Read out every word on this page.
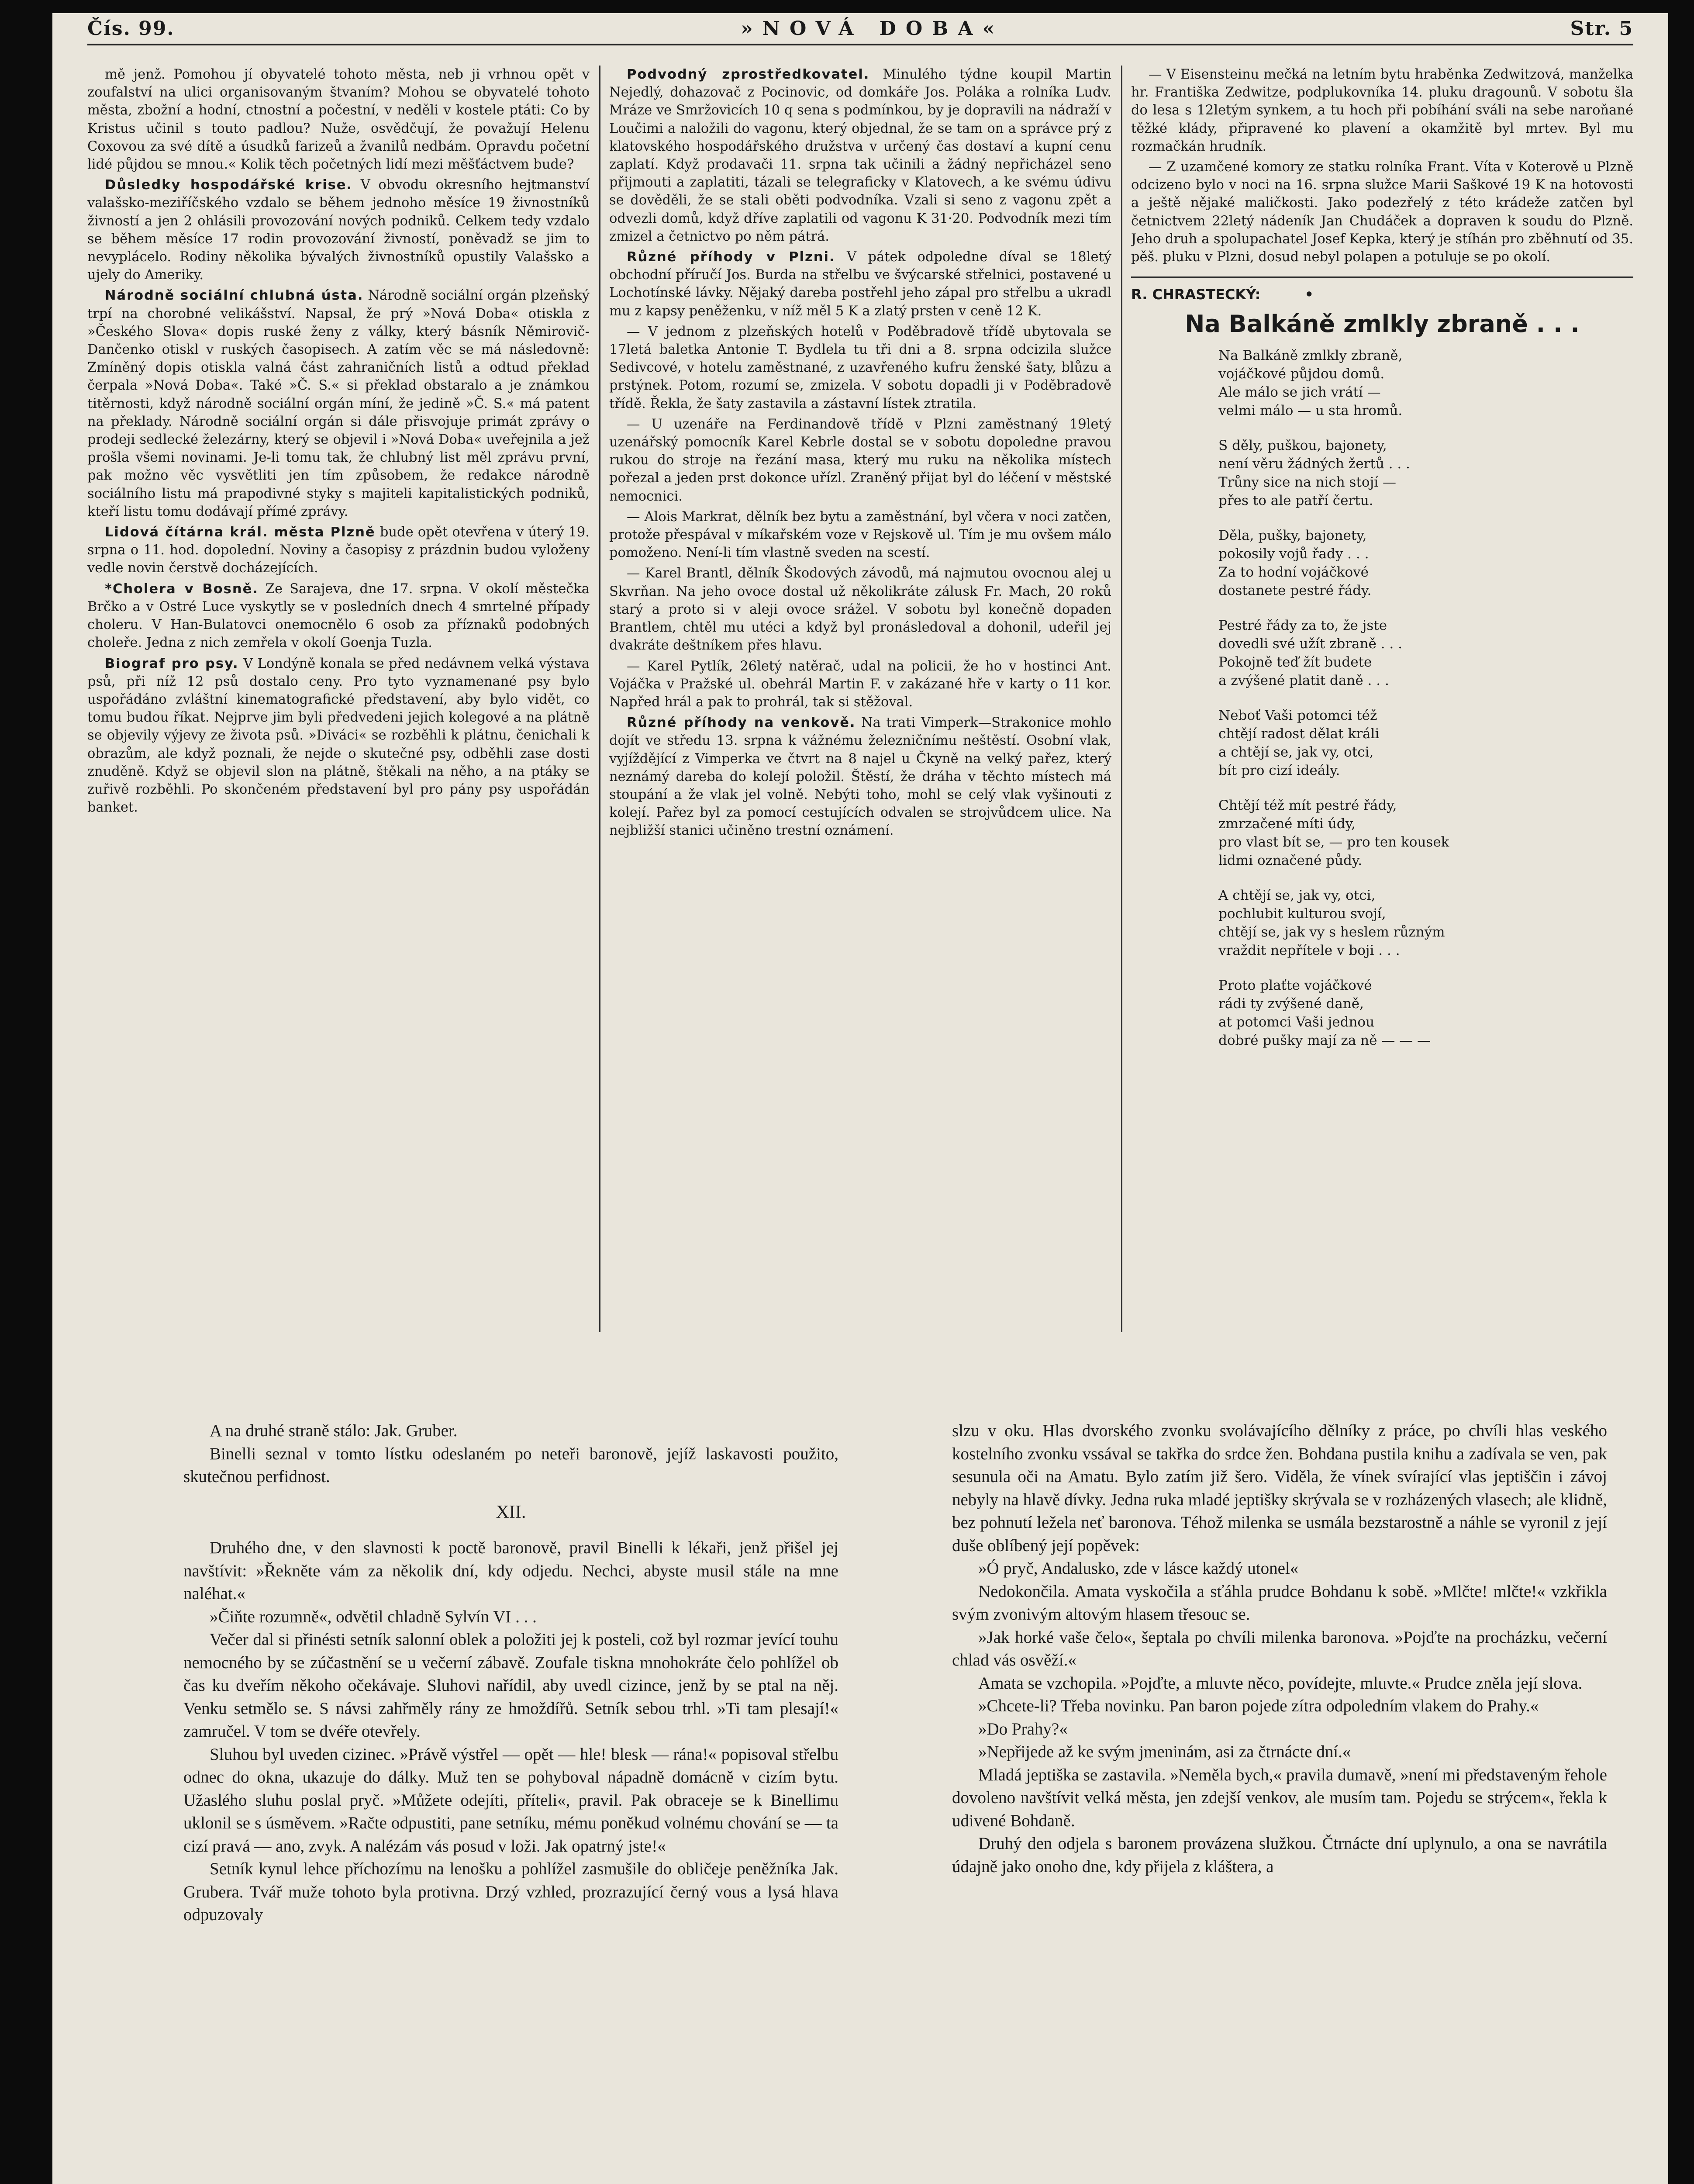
Čís. 99.	»NOVÁ DOBA«	Str. 5

mě jenž. Pomohou jí obyvatelé tohoto města, neb ji vrhnou opět v zoufalství na ulici organisovaným štvaním? Mohou se obyvatelé tohoto města, zbožní a hodní, ctnostní a počestní, v neděli v kostele ptáti: Co by Kristus učinil s touto padlou? Nuže, osvědčují, že považují Helenu Coxovou za své dítě a úsudků farizeů a žvanilů nedbám. Opravdu početní lidé půjdou se mnou.« Kolik těch početných lidí mezi měšťáctvem bude?

Důsledky hospodářské krise. V obvodu okresního hejtmanství valašsko-meziříčského vzdalo se během jednoho měsíce 19 živnostníků živností a jen 2 ohlásili provozování nových podniků. Celkem tedy vzdalo se během měsíce 17 rodin provozování živností, poněvadž se jim to nevyplácelo. Rodiny několika bývalých živnostníků opustily Valašsko a ujely do Ameriky.

Národně sociální chlubná ústa. Národně sociální orgán plzeňský trpí na chorobné velikášství. Napsal, že prý »Nová Doba« otiskla z »Českého Slova« dopis ruské ženy z války, který básník Němirovič-Dančenko otiskl v ruských časopisech. A zatím věc se má následovně: Zmíněný dopis otiskla valná část zahraničních listů a odtud překlad čerpala »Nová Doba«. Také »Č. S.« si překlad obstaralo a je známkou titěrnosti, když národně sociální orgán míní, že jedině »Č. S.« má patent na překlady. Národně sociální orgán si dále přisvojuje primát zprávy o prodeji sedlecké železárny, který se objevil i »Nová Doba« uveřejnila a jež prošla všemi novinami. Je-li tomu tak, že chlubný list měl zprávu první, pak možno věc vysvětliti jen tím způsobem, že redakce národně sociálního listu má prapodivné styky s majiteli kapitalistických podniků, kteří listu tomu dodávají přímé zprávy.

Lidová čítárna král. města Plzně bude opět otevřena v úterý 19. srpna o 11. hod. dopolední. Noviny a časopisy z prázdnin budou vyloženy vedle novin čerstvě docházejících.

*Cholera v Bosně. Ze Sarajeva, dne 17. srpna. V okolí městečka Brčko a v Ostré Luce vyskytly se v posledních dnech 4 smrtelné případy choleru. V Han-Bulatovci onemocnělo 6 osob za příznaků podobných choleře. Jedna z nich zemřela v okolí Goenja Tuzla.

Biograf pro psy. V Londýně konala se před nedávnem velká výstava psů, při níž 12 psů dostalo ceny. Pro tyto vyznamenané psy bylo uspořádáno zvláštní kinematografické představení, aby bylo vidět, co tomu budou říkat. Nejprve jim byli předvedeni jejich kolegové a na plátně se objevily výjevy ze života psů. »Diváci« se rozběhli k plátnu, čenichali k obrazům, ale když poznali, že nejde o skutečné psy, odběhli zase dosti znuděně. Když se objevil slon na plátně, štěkali na něho, a na ptáky se zuřivě rozběhli. Po skončeném představení byl pro pány psy uspořádán banket.

Podvodný zprostředkovatel. Minulého týdne koupil Martin Nejedlý, dohazovač z Pocinovic, od domkáře Jos. Poláka a rolníka Ludv. Mráze ve Smržovicích 10 q sena s podmínkou, by je dopravili na nádraží v Loučimi a naložili do vagonu, který objednal, že se tam on a správce prý z klatovského hospodářského družstva v určený čas dostaví a kupní cenu zaplatí. Když prodavači 11. srpna tak učinili a žádný nepřicházel seno přijmouti a zaplatiti, tázali se telegraficky v Klatovech, a ke svému údivu se dověděli, že se stali oběti podvodníka. Vzali si seno z vagonu zpět a odvezli domů, když dříve zaplatili od vagonu K 31·20. Podvodník mezi tím zmizel a četnictvo po něm pátrá.

Různé příhody v Plzni. V pátek odpoledne díval se 18letý obchodní příručí Jos. Burda na střelbu ve švýcarské střelnici, postavené u Lochotínské lávky. Nějaký dareba postřehl jeho zápal pro střelbu a ukradl mu z kapsy peněženku, v níž měl 5 K a zlatý prsten v ceně 12 K.

— V jednom z plzeňských hotelů v Poděbradově třídě ubytovala se 17letá baletka Antonie T. Bydlela tu tři dni a 8. srpna odcizila služce Sedivcové, v hotelu zaměstnané, z uzavřeného kufru ženské šaty, blůzu a prstýnek. Potom, rozumí se, zmizela. V sobotu dopadli ji v Poděbradově třídě. Řekla, že šaty zastavila a zástavní lístek ztratila.

— U uzenáře na Ferdinandově třídě v Plzni zaměstnaný 19letý uzenářský pomocník Karel Kebrle dostal se v sobotu dopoledne pravou rukou do stroje na řezání masa, který mu ruku na několika místech pořezal a jeden prst dokonce uřízl. Zraněný přijat byl do léčení v městské nemocnici.

— Alois Markrat, dělník bez bytu a zaměstnání, byl včera v noci zatčen, protože přespával v míkařském voze v Rejskově ul. Tím je mu ovšem málo pomoženo. Není-li tím vlastně sveden na scestí.

— Karel Brantl, dělník Škodových závodů, má najmutou ovocnou alej u Skvrňan. Na jeho ovoce dostal už několikráte zálusk Fr. Mach, 20 roků starý a proto si v aleji ovoce srážel. V sobotu byl konečně dopaden Brantlem, chtěl mu utéci a když byl pronásledoval a dohonil, udeřil jej dvakráte deštníkem přes hlavu.

— Karel Pytlík, 26letý natěrač, udal na policii, že ho v hostinci Ant. Vojáčka v Pražské ul. obehrál Martin F. v zakázané hře v karty o 11 kor. Napřed hrál a pak to prohrál, tak si stěžoval.

Různé příhody na venkově. Na trati Vimperk—Strakonice mohlo dojít ve středu 13. srpna k vážnému železničnímu neštěstí. Osobní vlak, vyjíždějící z Vimperka ve čtvrt na 8 najel u Čkyně na velký pařez, který neznámý dareba do kolejí položil. Štěstí, že dráha v těchto místech má stoupání a že vlak jel volně. Nebýti toho, mohl se celý vlak vyšinouti z kolejí. Pařez byl za pomocí cestujících odvalen se strojvůdcem ulice. Na nejbližší stanici učiněno trestní oznámení.

— V Eisensteinu mečká na letním bytu hraběnka Zedwitzová, manželka hr. Františka Zedwitze, podplukovníka 14. pluku dragounů. V sobotu šla do lesa s 12letým synkem, a tu hoch při pobíhání sváli na sebe naroňané těžké klády, připravené ko plavení a okamžitě byl mrtev. Byl mu rozmačkán hrudník.

— Z uzamčené komory ze statku rolníka Frant. Víta v Koterově u Plzně odcizeno bylo v noci na 16. srpna služce Marii Saškové 19 K na hotovosti a ještě nějaké maličkosti. Jako podezřelý z této krádeže zatčen byl četnictvem 22letý nádeník Jan Chudáček a dopraven k soudu do Plzně. Jeho druh a spolupachatel Josef Kepka, který je stíhán pro zběhnutí od 35. pěš. pluku v Plzni, dosud nebyl polapen a potuluje se po okolí.

R. CHRASTECKÝ:	•
Na Balkáně zmlkly zbraně . . .
Na Balkáně zmlkly zbraně,
vojáčkové půjdou domů.
Ale málo se jich vrátí —
velmi málo — u sta hromů.
S děly, puškou, bajonety,
není věru žádných žertů . . .
Trůny sice na nich stojí —
přes to ale patří čertu.
Děla, pušky, bajonety,
pokosily vojů řady . . .
Za to hodní vojáčkové
dostanete pestré řády.
Pestré řády za to, že jste
dovedli své užít zbraně . . .
Pokojně teď žít budete
a zvýšené platit daně . . .
Neboť Vaši potomci též
chtějí radost dělat králi
a chtějí se, jak vy, otci,
bít pro cizí ideály.
Chtějí též mít pestré řády,
zmrzačené míti údy,
pro vlast bít se, — pro ten kousek
lidmi označené půdy.
A chtějí se, jak vy, otci,
pochlubit kulturou svojí,
chtějí se, jak vy s heslem různým
vraždit nepřítele v boji . . .
Proto plaťte vojáčkové
rádi ty zvýšené daně,
at potomci Vaši jednou
dobré pušky mají za ně — — —

A na druhé straně stálo: Jak. Gruber.

Binelli seznal v tomto lístku odeslaném po neteři baronově, jejíž laskavosti použito, skutečnou perfidnost.

XII.

Druhého dne, v den slavnosti k poctě baronově, pravil Binelli k lékaři, jenž přišel jej navštívit: »Řekněte vám za několik dní, kdy odjedu. Nechci, abyste musil stále na mne naléhat.«

»Čiňte rozumně«, odvětil chladně Sylvín VI . . .

Večer dal si přinésti setník salonní oblek a položiti jej k posteli, což byl rozmar jevící touhu nemocného by se zúčastnění se u večerní zábavě. Zoufale tiskna mnohokráte čelo pohlížel ob čas ku dveřím někoho očekávaje. Sluhovi nařídil, aby uvedl cizince, jenž by se ptal na něj. Venku setmělo se. S návsi zahřměly rány ze hmoždířů. Setník sebou trhl. »Ti tam plesají!« zamručel. V tom se dvéře otevřely.

Sluhou byl uveden cizinec. »Právě výstřel — opět — hle! blesk — rána!« popisoval střelbu odnec do okna, ukazuje do dálky. Muž ten se pohyboval nápadně domácně v cizím bytu. Užaslého sluhu poslal pryč. »Můžete odejíti, příteli«, pravil. Pak obraceje se k Binellimu uklonil se s úsměvem. »Račte odpustiti, pane setníku, mému poněkud volnému chování se — ta cizí pravá — ano, zvyk. A nalézám vás posud v loži. Jak opatrný jste!«

Setník kynul lehce příchozímu na lenošku a pohlížel zasmušile do obličeje peněžníka Jak. Grubera. Tvář muže tohoto byla protivna. Drzý vzhled, prozrazující černý vous a lysá hlava odpuzovaly

slzu v oku. Hlas dvorského zvonku svolávajícího dělníky z práce, po chvíli hlas veského kostelního zvonku vssával se takřka do srdce žen. Bohdana pustila knihu a zadívala se ven, pak sesunula oči na Amatu. Bylo zatím již šero. Viděla, že vínek svírající vlas jeptiščin i závoj nebyly na hlavě dívky. Jedna ruka mladé jeptišky skrývala se v rozházených vlasech; ale klidně, bez pohnutí ležela neť baronova. Téhož milenka se usmála bezstarostně a náhle se vyronil z její duše oblíbený její popěvek:

»Ó pryč, Andalusko, zde v lásce každý utonel«

Nedokončila. Amata vyskočila a sťáhla prudce Bohdanu k sobě. »Mlčte! mlčte!« vzkřikla svým zvonivým altovým hlasem třesouc se.

»Jak horké vaše čelo«, šeptala po chvíli milenka baronova. »Pojďte na procházku, večerní chlad vás osvěží.«

Amata se vzchopila. »Pojďte, a mluvte něco, povídejte, mluvte.« Prudce zněla její slova.

»Chcete-li? Třeba novinku. Pan baron pojede zítra odpoledním vlakem do Prahy.«

»Do Prahy?«

»Nepřijede až ke svým jmeninám, asi za čtrnácte dní.«

Mladá jeptiška se zastavila. »Neměla bych,« pravila dumavě, »není mi představeným řehole dovoleno navštívit velká města, jen zdejší venkov, ale musím tam. Pojedu se strýcem«, řekla k udivené Bohdaně.

Druhý den odjela s baronem provázena služkou. Čtrnácte dní uplynulo, a ona se navrátila údajně jako onoho dne, kdy přijela z kláštera, a
